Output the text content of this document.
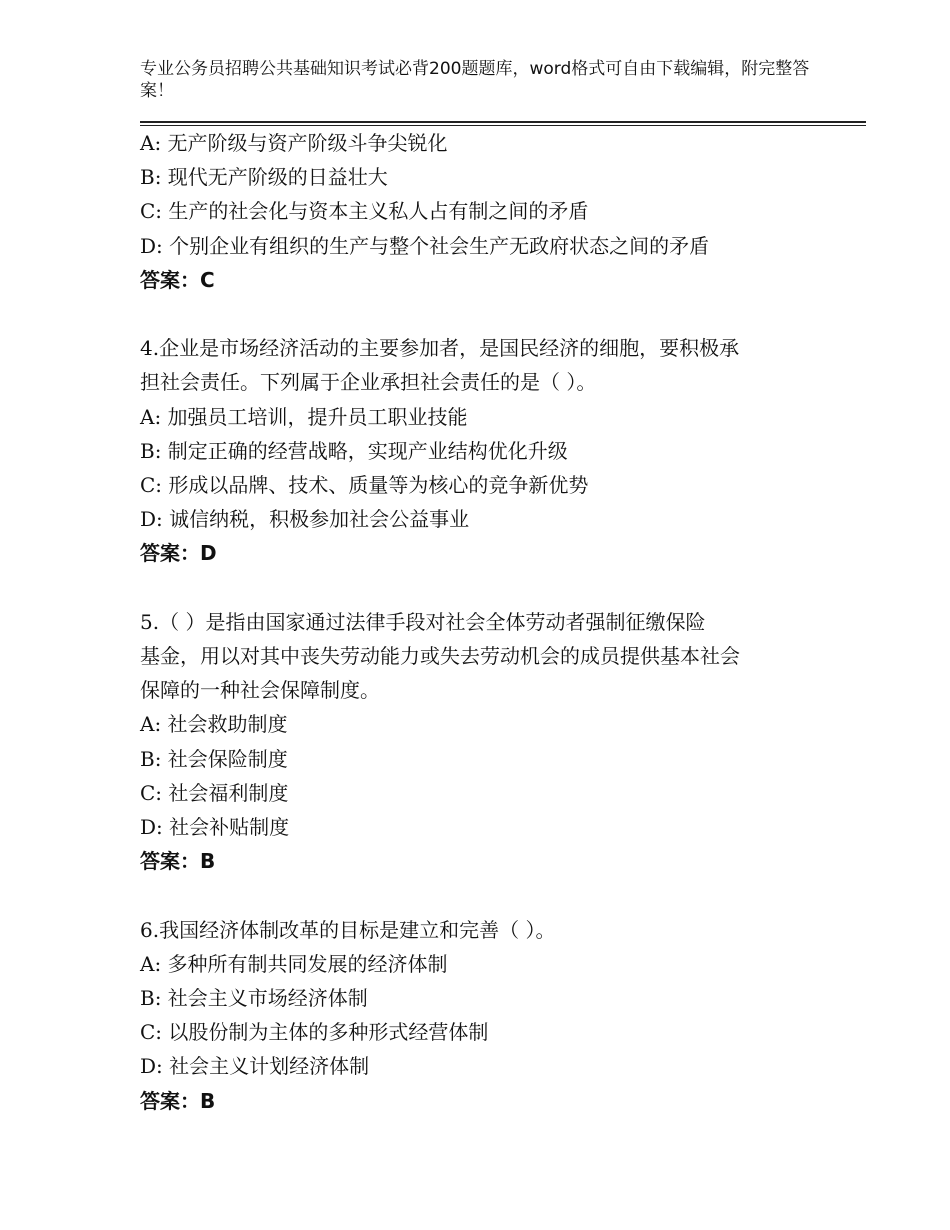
专业公务员招聘公共基础知识考试必背200题题库，word格式可自由下载编辑，附完整答案！
A: 无产阶级与资产阶级斗争尖锐化
B: 现代无产阶级的日益壮大
C: 生产的社会化与资本主义私人占有制之间的矛盾
D: 个别企业有组织的生产与整个社会生产无政府状态之间的矛盾
答案：C
4.企业是市场经济活动的主要参加者，是国民经济的细胞，要积极承
担社会责任。下列属于企业承担社会责任的是（ ）。
A: 加强员工培训，提升员工职业技能
B: 制定正确的经营战略，实现产业结构优化升级
C: 形成以品牌、技术、质量等为核心的竞争新优势
D: 诚信纳税，积极参加社会公益事业
答案：D
5.（ ）是指由国家通过法律手段对社会全体劳动者强制征缴保险
基金，用以对其中丧失劳动能力或失去劳动机会的成员提供基本社会
保障的一种社会保障制度。
A: 社会救助制度
B: 社会保险制度
C: 社会福利制度
D: 社会补贴制度
答案：B
6.我国经济体制改革的目标是建立和完善（ ）。
A: 多种所有制共同发展的经济体制
B: 社会主义市场经济体制
C: 以股份制为主体的多种形式经营体制
D: 社会主义计划经济体制
答案：B
